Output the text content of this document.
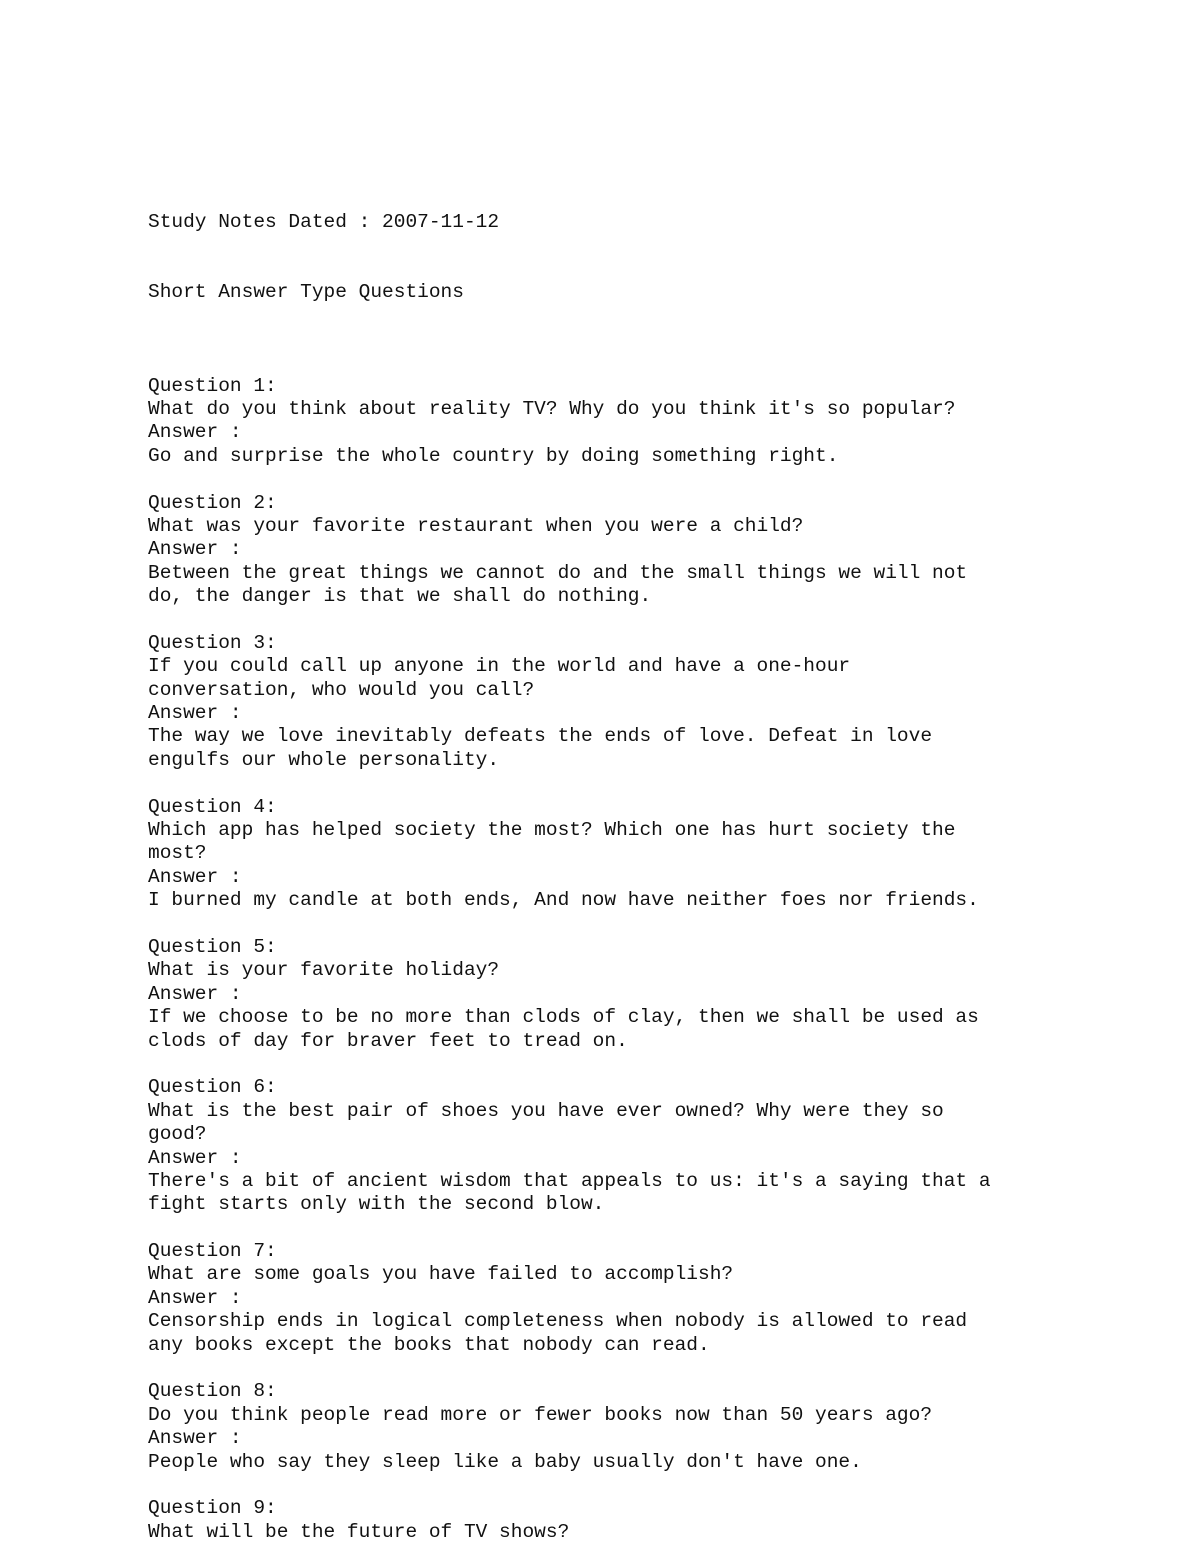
Study Notes Dated : 2007-11-12

Short Answer Type Questions

Question 1:
What do you think about reality TV? Why do you think it's so popular?
Answer :
Go and surprise the whole country by doing something right.
Question 2:
What was your favorite restaurant when you were a child?
Answer :
Between the great things we cannot do and the small things we will not
do, the danger is that we shall do nothing.
Question 3:
If you could call up anyone in the world and have a one-hour
conversation, who would you call?
Answer :
The way we love inevitably defeats the ends of love. Defeat in love
engulfs our whole personality.
Question 4:
Which app has helped society the most? Which one has hurt society the
most?
Answer :
I burned my candle at both ends, And now have neither foes nor friends.
Question 5:
What is your favorite holiday?
Answer :
If we choose to be no more than clods of clay, then we shall be used as
clods of day for braver feet to tread on.
Question 6:
What is the best pair of shoes you have ever owned? Why were they so
good?
Answer :
There's a bit of ancient wisdom that appeals to us: it's a saying that a
fight starts only with the second blow.
Question 7:
What are some goals you have failed to accomplish?
Answer :
Censorship ends in logical completeness when nobody is allowed to read
any books except the books that nobody can read.
Question 8:
Do you think people read more or fewer books now than 50 years ago?
Answer :
People who say they sleep like a baby usually don't have one.
Question 9:
What will be the future of TV shows?
